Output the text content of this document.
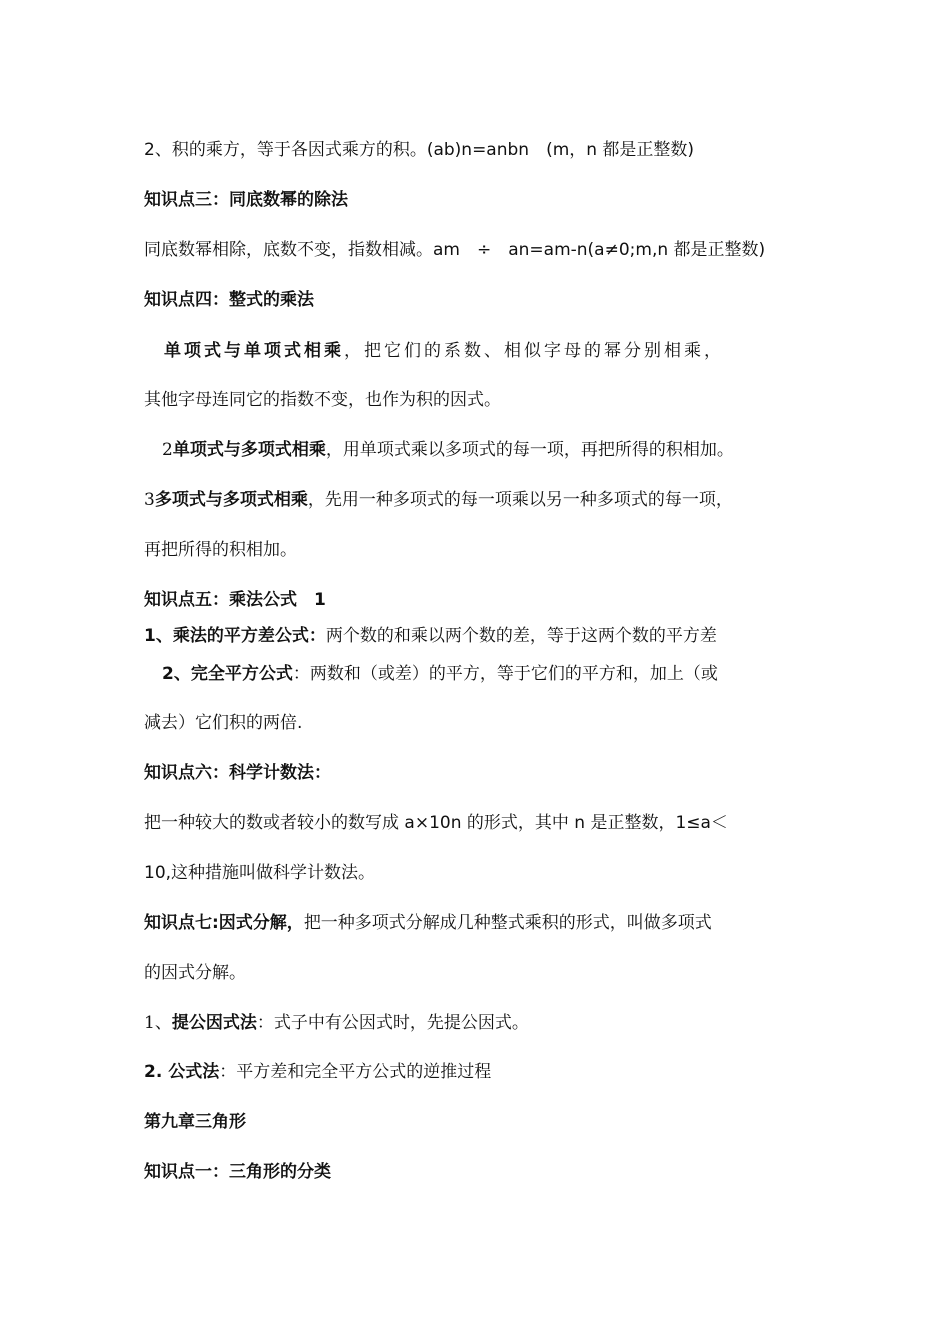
2、积的乘方，等于各因式乘方的积。(ab)n=anbn　(m，n 都是正整数)
知识点三：同底数幂的除法
同底数幂相除，底数不变，指数相减。am　÷　an=am-n(a≠0;m,n 都是正整数)
知识点四：整式的乘法
单项式与单项式相乘，把它们的系数、相似字母的幂分别相乘，
其他字母连同它的指数不变，也作为积的因式。
2单项式与多项式相乘，用单项式乘以多项式的每一项，再把所得的积相加。
3多项式与多项式相乘，先用一种多项式的每一项乘以另一种多项式的每一项，
再把所得的积相加。
知识点五：乘法公式　1
1、乘法的平方差公式：两个数的和乘以两个数的差，等于这两个数的平方差
2、完全平方公式：两数和（或差）的平方，等于它们的平方和，加上（或
减去）它们积的两倍.
知识点六：科学计数法：
把一种较大的数或者较小的数写成 a×10n 的形式，其中 n 是正整数，1≤a＜
10,这种措施叫做科学计数法。
知识点七:因式分解，把一种多项式分解成几种整式乘积的形式，叫做多项式
的因式分解。
1、提公因式法：式子中有公因式时，先提公因式。
2. 公式法：平方差和完全平方公式的逆推过程
第九章三角形
知识点一：三角形的分类
